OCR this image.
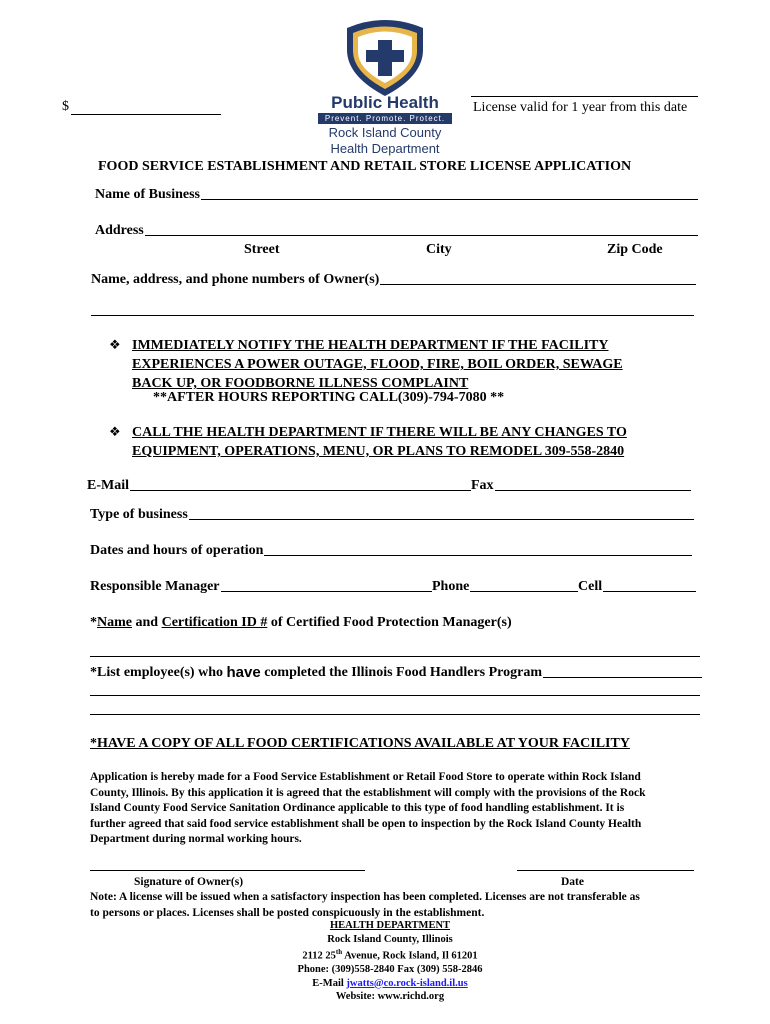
$	Public Health
Prevent. Promote. Protect.
Rock Island County
Health Department
License valid for 1 year from this date
FOOD SERVICE ESTABLISHMENT AND RETAIL STORE LICENSE APPLICATION
Name of Business
Address
Street	City	Zip Code
Name, address, and phone numbers of Owner(s)
❖ IMMEDIATELY NOTIFY THE HEALTH DEPARTMENT IF THE FACILITY
EXPERIENCES A POWER OUTAGE, FLOOD, FIRE, BOIL ORDER, SEWAGE
BACK UP, OR FOODBORNE ILLNESS COMPLAINT
**AFTER HOURS REPORTING CALL(309)-794-7080 **
❖ CALL THE HEALTH DEPARTMENT IF THERE WILL BE ANY CHANGES TO
EQUIPMENT, OPERATIONS, MENU, OR PLANS TO REMODEL 309-558-2840
E-Mail	Fax
Type of business
Dates and hours of operation
Responsible Manager	Phone	Cell
*Name and Certification ID # of Certified Food Protection Manager(s)
*List employee(s) who have completed the Illinois Food Handlers Program
*HAVE A COPY OF ALL FOOD CERTIFICATIONS AVAILABLE AT YOUR FACILITY
Application is hereby made for a Food Service Establishment or Retail Food Store to operate within Rock Island
County, Illinois. By this application it is agreed that the establishment will comply with the provisions of the Rock
Island County Food Service Sanitation Ordinance applicable to this type of food handling establishment. It is
further agreed that said food service establishment shall be open to inspection by the Rock Island County Health
Department during normal working hours.
Signature of Owner(s)	Date
Note: A license will be issued when a satisfactory inspection has been completed. Licenses are not transferable as
to persons or places. Licenses shall be posted conspicuously in the establishment.
HEALTH DEPARTMENT
Rock Island County, Illinois
2112 25th Avenue, Rock Island, Il 61201
Phone: (309)558-2840 Fax (309) 558-2846
E-Mail jwatts@co.rock-island.il.us
Website: www.richd.org
